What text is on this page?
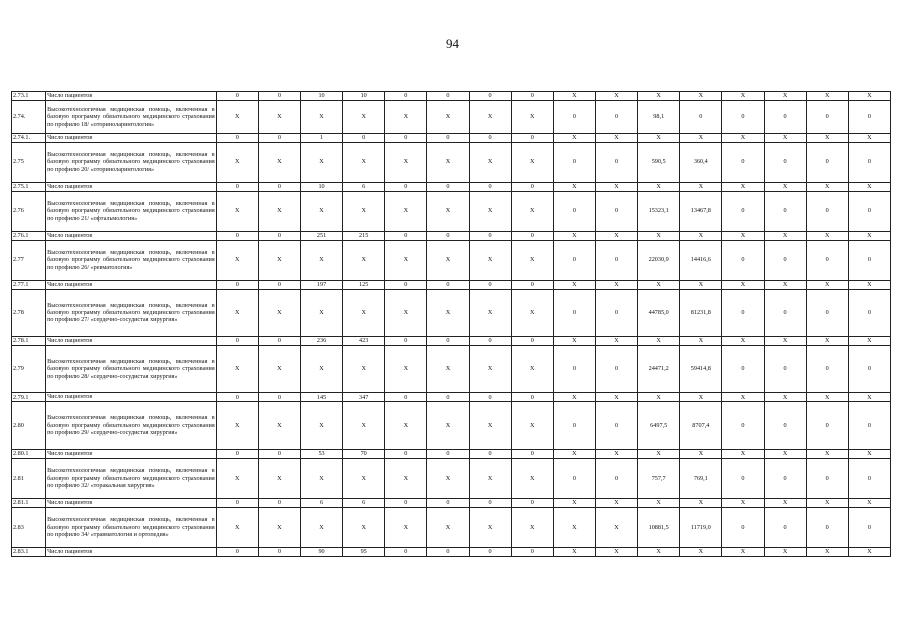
94
2.73.1	Число пациентов	0	0	10	10	0	0	0	0	X	X	X	X	X	X	X	X
2.74.	Высокотехнологичная медицинская помощь, включенная в базовую программу обязательного медицинского страхования по профилю 18/ «оториноларингология»	X	X	X	X	X	X	X	X	0	0	98,1	0	0	0	0	0
2.74.1.	Число пациентов	0	0	1	0	0	0	0	0	X	X	X	X	X	X	X	X
2.75	Высокотехнологичная медицинская помощь, включенная в базовую программу обязательного медицинского страхования по профилю 20/ «оториноларингология»	X	X	X	X	X	X	X	X	0	0	590,5	360,4	0	0	0	0
2.75.1	Число пациентов	0	0	10	6	0	0	0	0	X	X	X	X	X	X	X	X
2.76	Высокотехнологичная медицинская помощь, включенная в базовую программу обязательного медицинского страхования по профилю 21/ «офтальмология»	X	X	X	X	X	X	X	X	0	0	15323,1	13467,8	0	0	0	0
2.76.1	Число пациентов	0	0	251	215	0	0	0	0	X	X	X	X	X	X	X	X
2.77	Высокотехнологичная медицинская помощь, включенная в базовую программу обязательного медицинского страхования по профилю 26/ «ревматология»	X	X	X	X	X	X	X	X	0	0	22030,9	14416,6	0	0	0	0
2.77.1	Число пациентов	0	0	197	125	0	0	0	0	X	X	X	X	X	X	X	X
2.78	Высокотехнологичная медицинская помощь, включенная в базовую программу обязательного медицинского страхования по профилю 27/ «сердечно-сосудистая хирургия»	X	X	X	X	X	X	X	X	0	0	44785,0	81231,8	0	0	0	0
2.78.1	Число пациентов	0	0	236	423	0	0	0	0	X	X	X	X	X	X	X	X
2.79	Высокотехнологичная медицинская помощь, включенная в базовую программу обязательного медицинского страхования по профилю 28/ «сердечно-сосудистая хирургия»	X	X	X	X	X	X	X	X	0	0	24471,2	59414,8	0	0	0	0
2.79.1	Число пациентов	0	0	145	347	0	0	0	0	X	X	X	X	X	X	X	X
2.80	Высокотехнологичная медицинская помощь, включенная в базовую программу обязательного медицинского страхования по профилю 29/ «сердечно-сосудистая хирургия»	X	X	X	X	X	X	X	X	0	0	6497,5	8707,4	0	0	0	0
2.80.1	Число пациентов	0	0	53	70	0	0	0	0	X	X	X	X	X	X	X	X
2.81	Высокотехнологичная медицинская помощь, включенная в базовую программу обязательного медицинского страхования по профилю 32/ «торакальная хирургия»	X	X	X	X	X	X	X	X	0	0	757,7	769,1	0	0	0	0
2.81.1	Число пациентов	0	0	6	6	0	0	0	0	X	X	X	X	X	X	X	X
2.83	Высокотехнологичная медицинская помощь, включенная в базовую программу обязательного медицинского страхования по профилю 34/ «травматология и ортопедия»	X	X	X	X	X	X	X	X	X	X	10881,5	11719,0	0	0	0	0
2.83.1	Число пациентов	0	0	90	95	0	0	0	0	X	X	X	X	X	X	X	X
